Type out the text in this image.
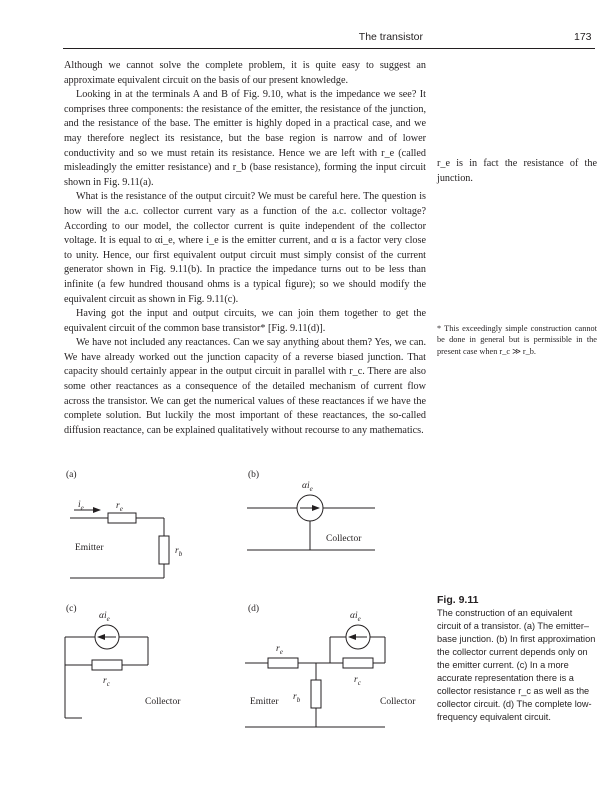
The transistor	173

Although we cannot solve the complete problem, it is quite easy to suggest an approximate equivalent circuit on the basis of our present knowledge.

Looking in at the terminals A and B of Fig. 9.10, what is the impedance we see? It comprises three components: the resistance of the emitter, the resistance of the junction, and the resistance of the base. The emitter is highly doped in a practical case, and we may therefore neglect its resistance, but the base region is narrow and of lower conductivity and so we must retain its resistance. Hence we are left with r_e (called misleadingly the emitter resistance) and r_b (base resistance), forming the input circuit shown in Fig. 9.11(a).

What is the resistance of the output circuit? We must be careful here. The question is how will the a.c. collector current vary as a function of the a.c. collector voltage? According to our model, the collector current is quite independent of the collector voltage. It is equal to αi_e, where i_e is the emitter current, and α is a factor very close to unity. Hence, our first equivalent output circuit must simply consist of the current generator shown in Fig. 9.11(b). In practice the impedance turns out to be less than infinite (a few hundred thousand ohms is a typical figure); so we should modify the equivalent circuit as shown in Fig. 9.11(c).

Having got the input and output circuits, we can join them together to get the equivalent circuit of the common base transistor* [Fig. 9.11(d)].

We have not included any reactances. Can we say anything about them? Yes, we can. We have already worked out the junction capacity of a reverse biased junction. That capacity should certainly appear in the output circuit in parallel with r_c. There are also some other reactances as a consequence of the detailed mechanism of current flow across the transistor. We can get the numerical values of these reactances if we have the complete solution. But luckily the most important of these reactances, the so-called diffusion reactance, can be explained qualitatively without recourse to any mathematics.

r_e is in fact the resistance of the junction.
* This exceedingly simple construction cannot be done in general but is permissible in the present case when r_c ≫ r_b.
(a)	(b)
(c)	(d)
Emitter
Collector
Collector	Emitter	Collector
$i_e$	$r_e$
$r_b$
$\alpha i_e$
$\alpha i_e$
$r_c$
$\alpha i_e$
$r_e$
$r_b$
$r_c$
Fig. 9.11
The construction of an equivalent circuit of a transistor. (a) The emitter–base junction. (b) In first approximation the collector current depends only on the emitter current. (c) In a more accurate representation there is a collector resistance r_c as well as the collector circuit. (d) The complete low-frequency equivalent circuit.
